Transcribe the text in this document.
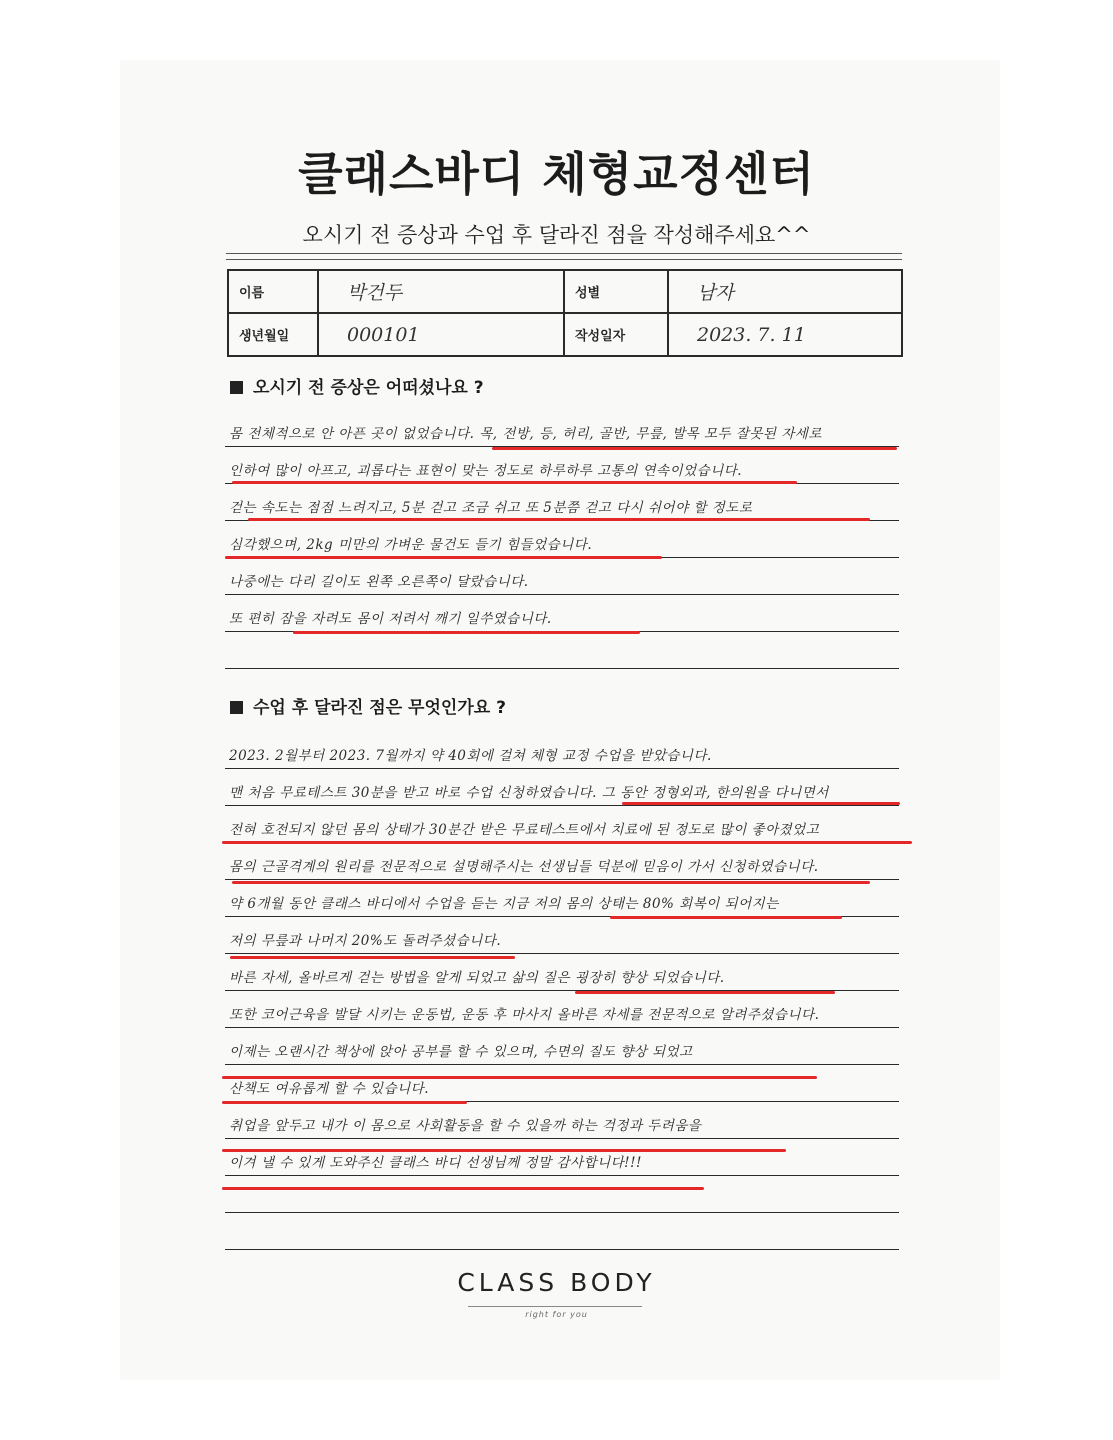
클래스바디 체형교정센터
오시기 전 증상과 수업 후 달라진 점을 작성해주세요^^
이름	박건두	성별	남자
생년월일	000101	작성일자	2023. 7. 11
오시기 전 증상은 어떠셨나요 ?
몸 전체적으로 안 아픈 곳이 없었습니다. 목, 전방, 등, 허리, 골반, 무릎, 발목 모두 잘못된 자세로
인하여 많이 아프고, 괴롭다는 표현이 맞는 정도로 하루하루 고통의 연속이었습니다.
걷는 속도는 점점 느려지고, 5분 걷고 조금 쉬고 또 5분쯤 걷고 다시 쉬어야 할 정도로
심각했으며, 2kg 미만의 가벼운 물건도 들기 힘들었습니다.
나중에는 다리 길이도 왼쪽 오른쪽이 달랐습니다.
또 편히 잠을 자려도 몸이 저려서 깨기 일쑤였습니다.
수업 후 달라진 점은 무엇인가요 ?
2023. 2월부터 2023. 7월까지 약 40회에 걸쳐 체형 교정 수업을 받았습니다.
맨 처음 무료테스트 30분을 받고 바로 수업 신청하였습니다. 그 동안 정형외과, 한의원을 다니면서
전혀 호전되지 않던 몸의 상태가 30분간 받은 무료테스트에서 치료에 된 정도로 많이 좋아졌었고
몸의 근골격계의 원리를 전문적으로 설명해주시는 선생님들 덕분에 믿음이 가서 신청하였습니다.
약 6개월 동안 클래스 바디에서 수업을 듣는 지금 저의 몸의 상태는 80% 회복이 되어지는
저의 무릎과 나머지 20%도 돌려주셨습니다.
바른 자세, 올바르게 걷는 방법을 알게 되었고 삶의 질은 굉장히 향상 되었습니다.
또한 코어근육을 발달 시키는 운동법, 운동 후 마사지 올바른 자세를 전문적으로 알려주셨습니다.
이제는 오랜시간 책상에 앉아 공부를 할 수 있으며, 수면의 질도 향상 되었고
산책도 여유롭게 할 수 있습니다.
취업을 앞두고 내가 이 몸으로 사회활동을 할 수 있을까 하는 걱정과 두려움을
이겨 낼 수 있게 도와주신 클래스 바디 선생님께 정말 감사합니다!!!
CLASS BODY
right for you
